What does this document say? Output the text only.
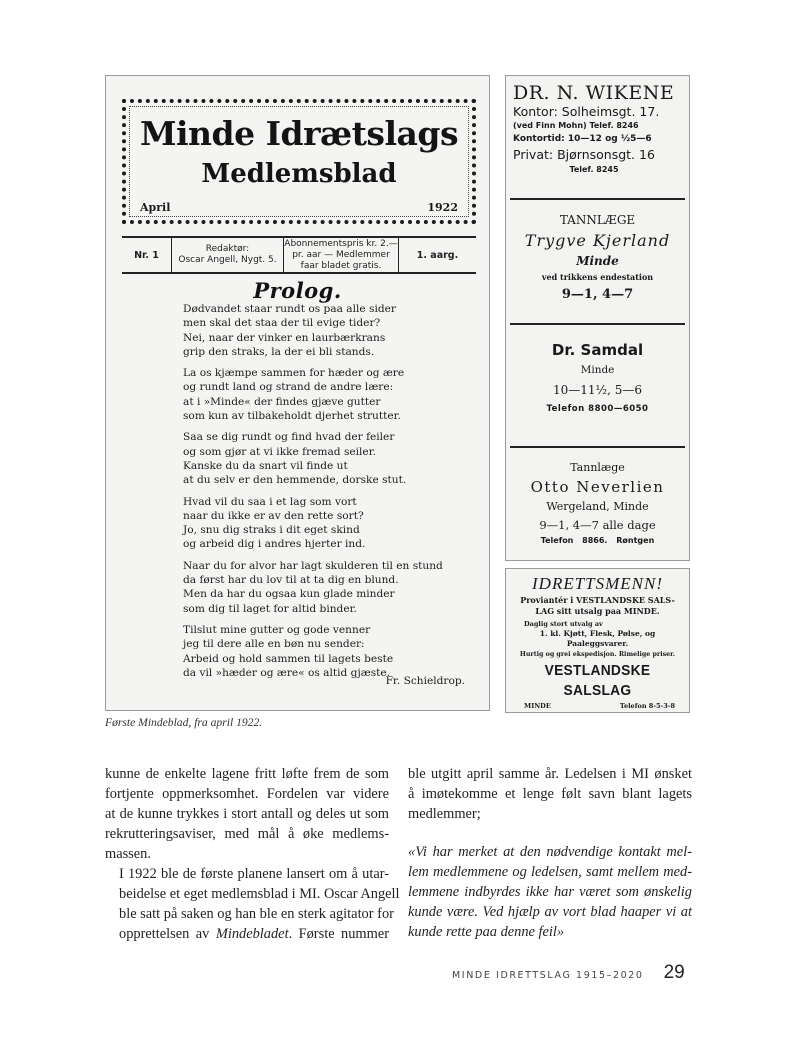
Minde Idrætslags
Medlemsblad
April	1922
Nr. 1
Redaktør:
Oscar Angell, Nygt. 5.
Abonnementspris kr. 2.—
pr. aar — Medlemmer
faar bladet gratis.
1. aarg.
Prolog.
Dødvandet staar rundt os paa alle sider
men skal det staa der til evige tider?
Nei, naar der vinker en laurbærkrans
grip den straks, la der ei bli stands.
La os kjæmpe sammen for hæder og ære
og rundt land og strand de andre lære:
at i »Minde« der findes gjæve gutter
som kun av tilbakeholdt djerhet strutter.
Saa se dig rundt og find hvad der feiler
og som gjør at vi ikke fremad seiler.
Kanske du da snart vil finde ut
at du selv er den hemmende, dorske stut.
Hvad vil du saa i et lag som vort
naar du ikke er av den rette sort?
Jo, snu dig straks i dit eget skind
og arbeid dig i andres hjerter ind.
Naar du for alvor har lagt skulderen til en stund
da først har du lov til at ta dig en blund.
Men da har du ogsaa kun glade minder
som dig til laget for altid binder.
Tilslut mine gutter og gode venner
jeg til dere alle en bøn nu sender:
Arbeid og hold sammen til lagets beste
da vil »hæder og ære« os altid gjæste.
Fr. Schieldrop.
DR. N. WIKENE
Kontor: Solheimsgt. 17.
(ved Finn Mohn) Telef. 8246
Kontortid: 10—12 og ½5—6
Privat: Bjørnsonsgt. 16
Telef. 8245
TANNLÆGE
Trygve Kjerland
Minde
ved trikkens endestation
9—1, 4—7
Dr. Samdal
Minde
10—11½, 5—6
Telefon 8800—6050
Tannlæge
Otto Neverlien
Wergeland, Minde
9—1, 4—7 alle dage
Telefon 8866. Røntgen
IDRETTSMENN!
Proviantér i VESTLANDSKE SALS-
LAG sitt utsalg paa MINDE.
Daglig stort utvalg av
1. kl. Kjøtt, Flesk, Pølse, og
Paaleggsvarer.
Hurtig og grei ekspedisjon. Rimelige priser.
VESTLANDSKE SALSLAG
MINDE	Telefon 8-5-3-8
Første Mindeblad, fra april 1922.

kunne de enkelte lagene fritt løfte frem de som
fortjente oppmerksomhet. Fordelen var videre
at de kunne trykkes i stort antall og deles ut som
rekrutteringsaviser, med mål å øke medlems-
massen.

I 1922 ble de første planene lansert om å utar-
beidelse et eget medlemsblad i MI. Oscar Angell
ble satt på saken og han ble en sterk agitator for
opprettelsen av Mindebladet. Første nummer

ble utgitt april samme år. Ledelsen i MI ønsket
å imøtekomme et lenge følt savn blant lagets
medlemmer;

«Vi har merket at den nødvendige kontakt mel-
lem medlemmene og ledelsen, samt mellem med-
lemmene indbyrdes ikke har været som ønskelig
kunde være. Ved hjælp av vort blad haaper vi at
kunde rette paa denne feil»

MINDE IDRETTSLAG 1915–2020 29
